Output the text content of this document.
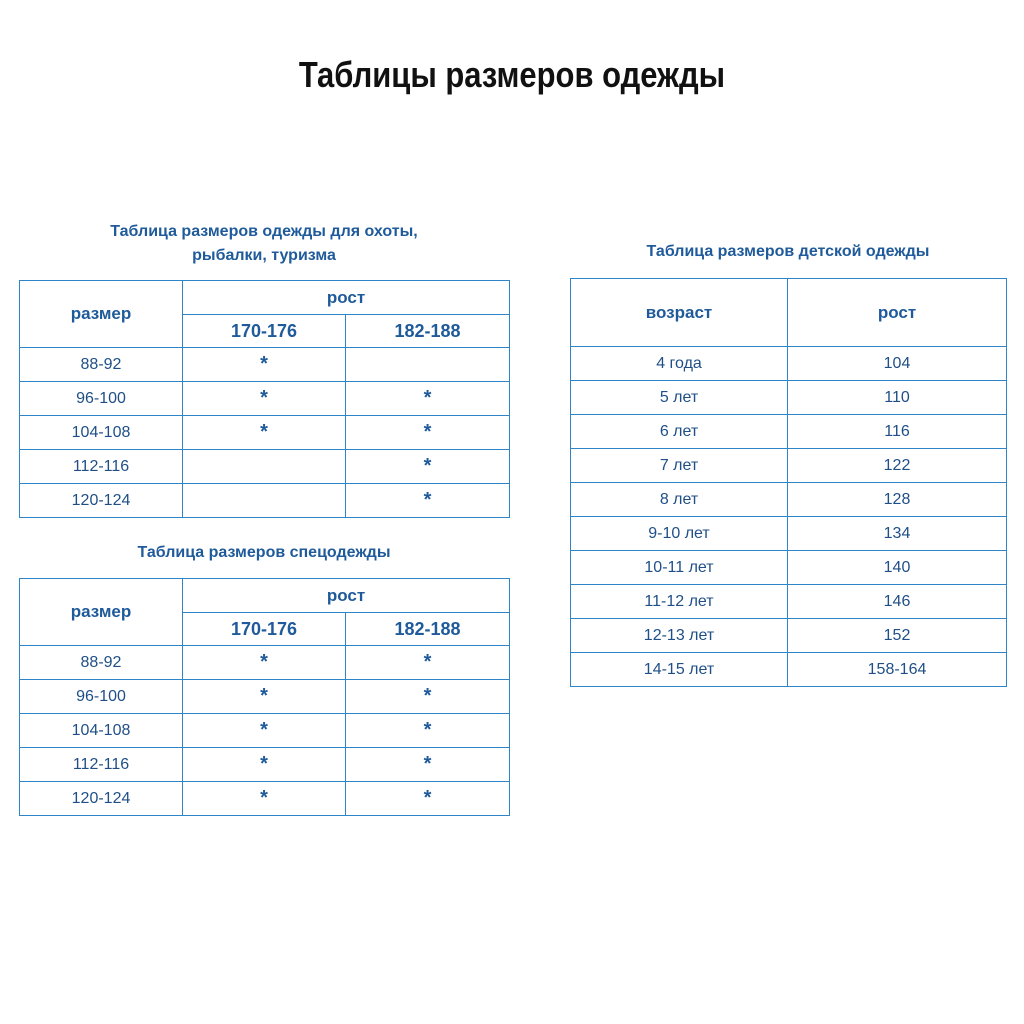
Таблицы размеров одежды
Таблица размеров одежды для охоты,
рыбалки, туризма
размер	рост	
	170-176	182-188
88-92	*	
96-100	*	*
104-108	*	*
112-116		*
120-124		*
Таблица размеров спецодежды
размер	рост	
	170-176	182-188
88-92	*	*
96-100	*	*
104-108	*	*
112-116	*	*
120-124	*	*
Таблица размеров детской одежды
возраст	рост
4 года	104
5 лет	110
6 лет	116
7 лет	122
8 лет	128
9-10 лет	134
10-11 лет	140
11-12 лет	146
12-13 лет	152
14-15 лет	158-164
